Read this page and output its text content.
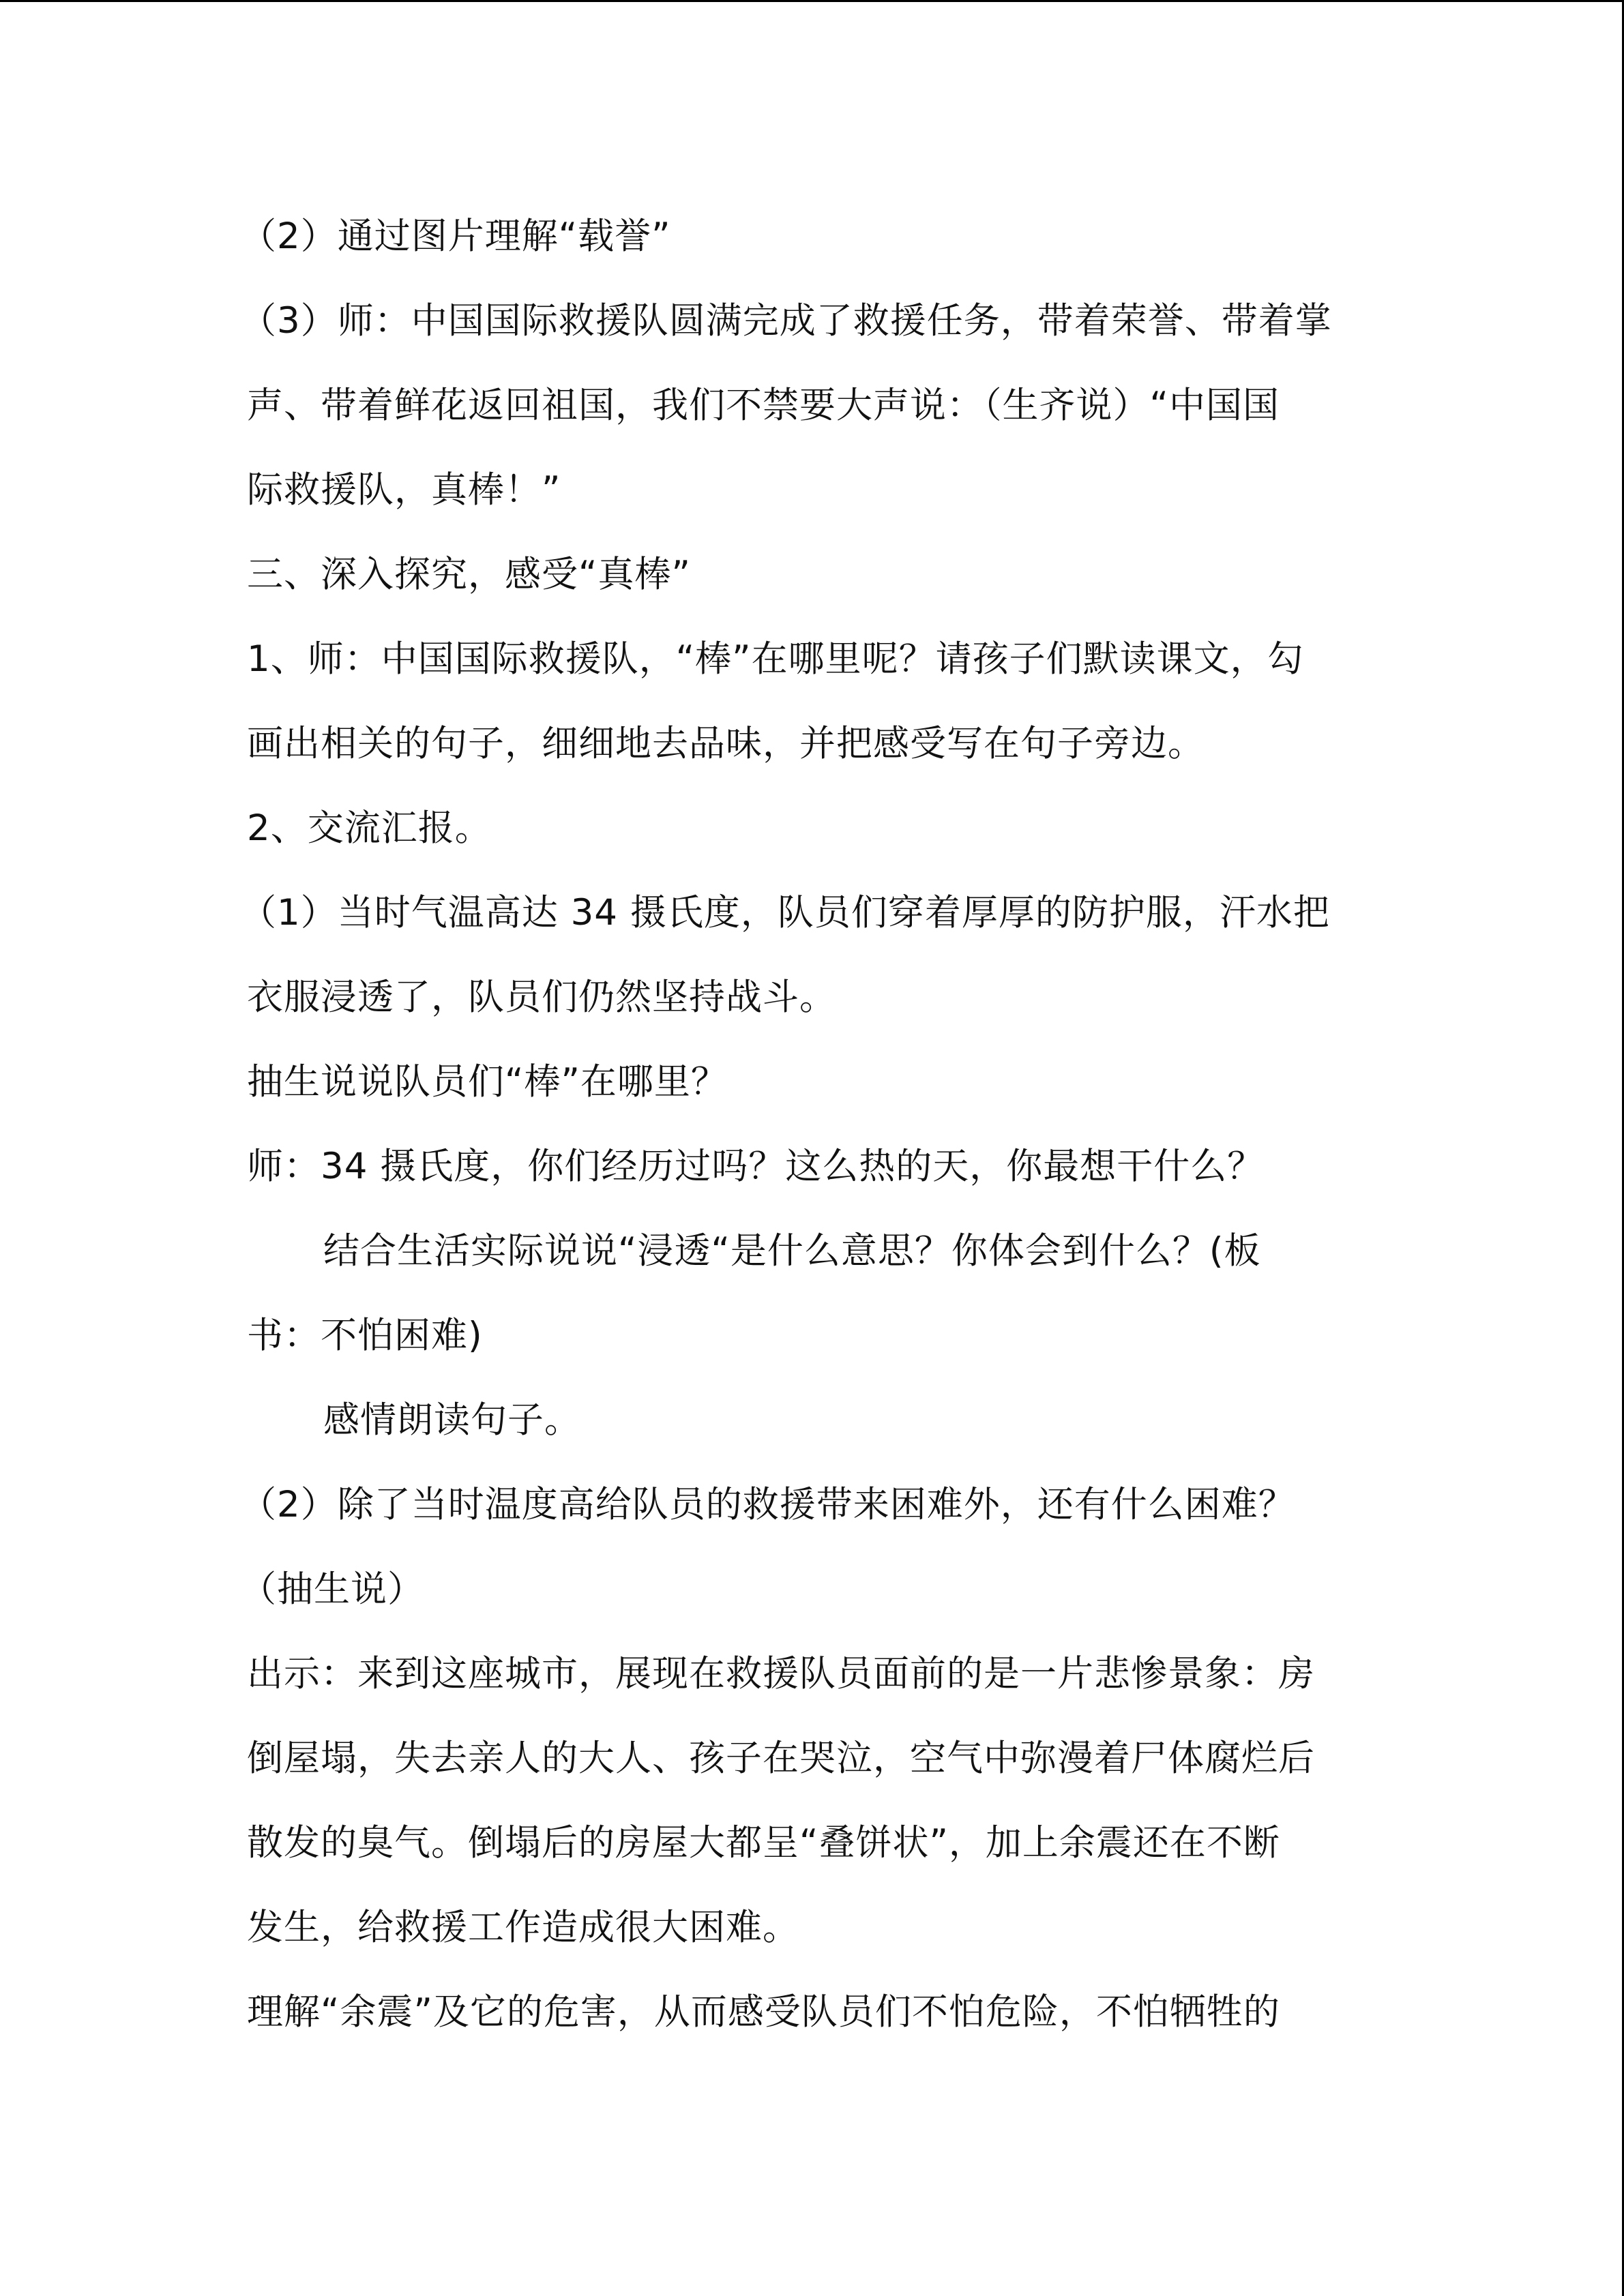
（2）通过图片理解“载誉”
（3）师：中国国际救援队圆满完成了救援任务，带着荣誉、带着掌
声、带着鲜花返回祖国，我们不禁要大声说：（生齐说）“中国国
际救援队，真棒！”
三、深入探究，感受“真棒”
1、师：中国国际救援队，“棒”在哪里呢？请孩子们默读课文，勾
画出相关的句子，细细地去品味，并把感受写在句子旁边。
2、交流汇报。
（1）当时气温高达 34 摄氏度，队员们穿着厚厚的防护服，汗水把
衣服浸透了，队员们仍然坚持战斗。
抽生说说队员们“棒”在哪里？
师：34 摄氏度，你们经历过吗？这么热的天，你最想干什么？
结合生活实际说说“浸透“是什么意思？你体会到什么？(板
书：不怕困难)
感情朗读句子。
（2）除了当时温度高给队员的救援带来困难外，还有什么困难？
（抽生说）
出示：来到这座城市，展现在救援队员面前的是一片悲惨景象：房
倒屋塌，失去亲人的大人、孩子在哭泣，空气中弥漫着尸体腐烂后
散发的臭气。倒塌后的房屋大都呈“叠饼状”，加上余震还在不断
发生，给救援工作造成很大困难。
理解“余震”及它的危害，从而感受队员们不怕危险，不怕牺牲的
